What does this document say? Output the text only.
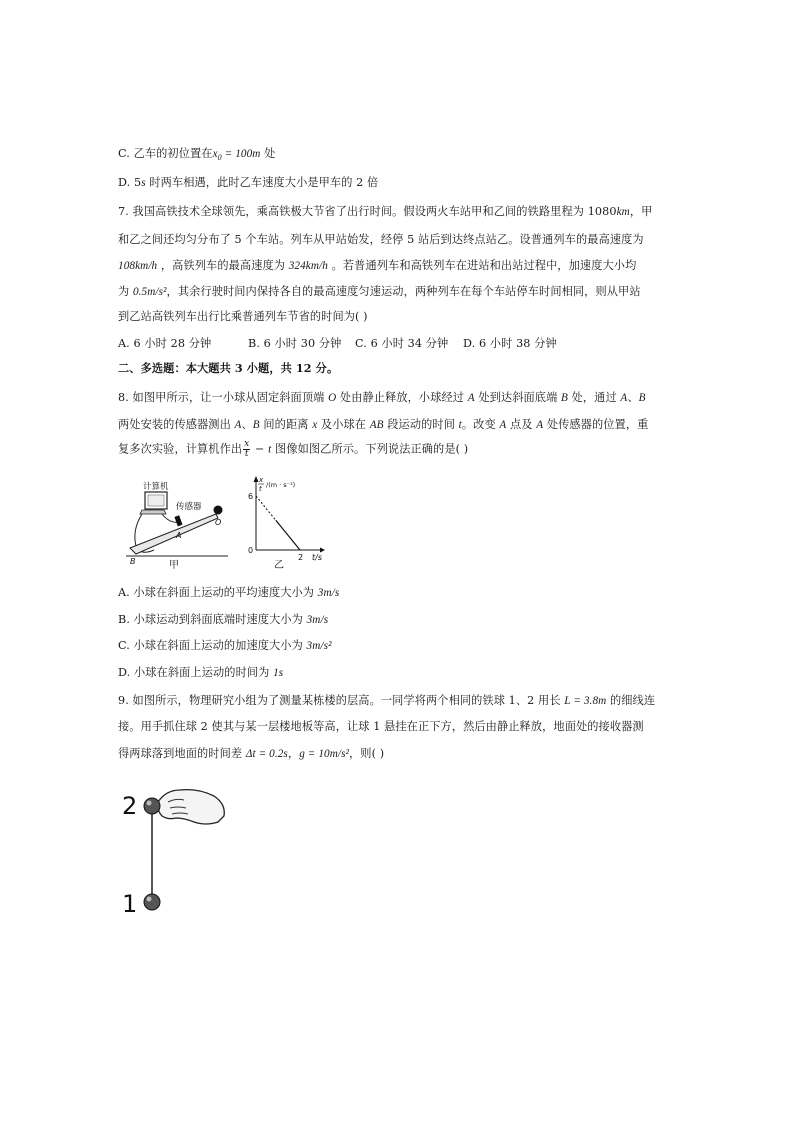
C. 乙车的初位置在$x_0 = 100m$ 处
D. 5s 时两车相遇，此时乙车速度大小是甲车的 2 倍
7. 我国高铁技术全球领先，乘高铁极大节省了出行时间。假设两火车站甲和乙间的铁路里程为 1080km，甲
和乙之间还均匀分布了 5 个车站。列车从甲站始发，经停 5 站后到达终点站乙。设普通列车的最高速度为
108km/h ，高铁列车的最高速度为 324km/h 。若普通列车和高铁列车在进站和出站过程中，加速度大小均
为 0.5m/s²，其余行驶时间内保持各自的最高速度匀速运动，两种列车在每个车站停车时间相同，则从甲站
到乙站高铁列车出行比乘普通列车节省的时间为( )
A. 6 小时 28 分钟	B. 6 小时 30 分钟 C. 6 小时 34 分钟 D. 6 小时 38 分钟
二、多选题：本大题共 3 小题，共 12 分。
8. 如图甲所示，让一小球从固定斜面顶端 O 处由静止释放，小球经过 A 处到达斜面底端 B 处，通过 A、B
两处安装的传感器测出 A、B 间的距离 x 及小球在 AB 段运动的时间 t。改变 A 点及 A 处传感器的位置，重
复多次实验，计算机作出 $\frac{x}{t} - t$ 图像如图乙所示。下列说法正确的是( )
计算机
传感器
O
A
B	甲
6
0
2 t/s
x
t /(m · s⁻¹)
乙
A. 小球在斜面上运动的平均速度大小为 3m/s
B. 小球运动到斜面底端时速度大小为 3m/s
C. 小球在斜面上运动的加速度大小为 3m/s²
D. 小球在斜面上运动的时间为 1s
9. 如图所示，物理研究小组为了测量某栋楼的层高。一同学将两个相同的铁球 1、2 用长 L = 3.8m 的细线连
接。用手抓住球 2 使其与某一层楼地板等高，让球 1 悬挂在正下方，然后由静止释放，地面处的接收器测
得两球落到地面的时间差 Δt = 0.2s，g = 10m/s²，则( )
2
1
